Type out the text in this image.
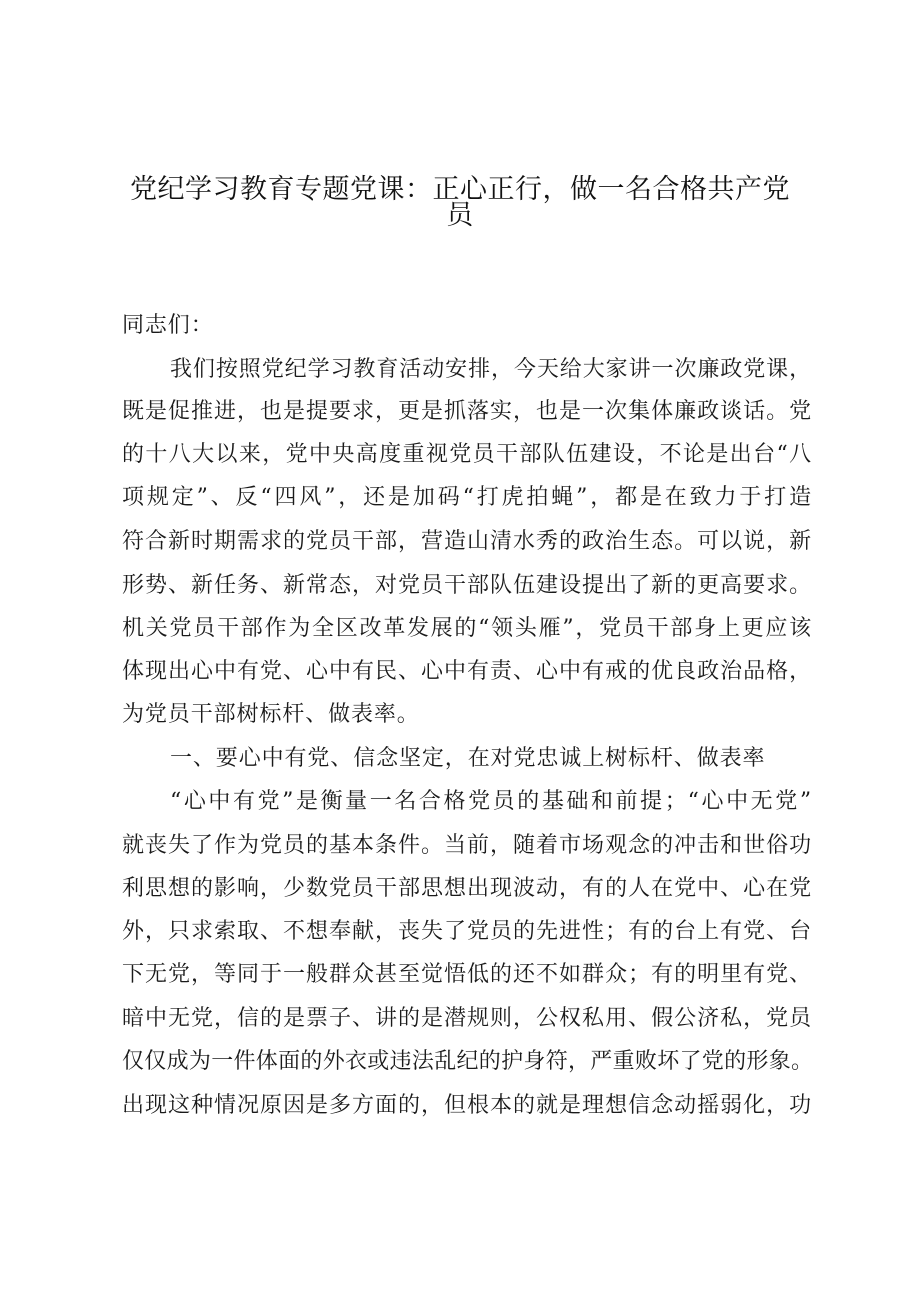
党纪学习教育专题党课：正心正行，做一名合格共产党
员
同志们：
我们按照党纪学习教育活动安排，今天给大家讲一次廉政党课，
既是促推进，也是提要求，更是抓落实，也是一次集体廉政谈话。党
的十八大以来，党中央高度重视党员干部队伍建设，不论是出台“八
项规定”、反“四风”，还是加码“打虎拍蝇”，都是在致力于打造
符合新时期需求的党员干部，营造山清水秀的政治生态。可以说，新
形势、新任务、新常态，对党员干部队伍建设提出了新的更高要求。
机关党员干部作为全区改革发展的“领头雁”，党员干部身上更应该
体现出心中有党、心中有民、心中有责、心中有戒的优良政治品格，
为党员干部树标杆、做表率。
一、要心中有党、信念坚定，在对党忠诚上树标杆、做表率
“心中有党”是衡量一名合格党员的基础和前提；“心中无党”
就丧失了作为党员的基本条件。当前，随着市场观念的冲击和世俗功
利思想的影响，少数党员干部思想出现波动，有的人在党中、心在党
外，只求索取、不想奉献，丧失了党员的先进性；有的台上有党、台
下无党，等同于一般群众甚至觉悟低的还不如群众；有的明里有党、
暗中无党，信的是票子、讲的是潜规则，公权私用、假公济私，党员
仅仅成为一件体面的外衣或违法乱纪的护身符，严重败坏了党的形象。
出现这种情况原因是多方面的，但根本的就是理想信念动摇弱化，功
